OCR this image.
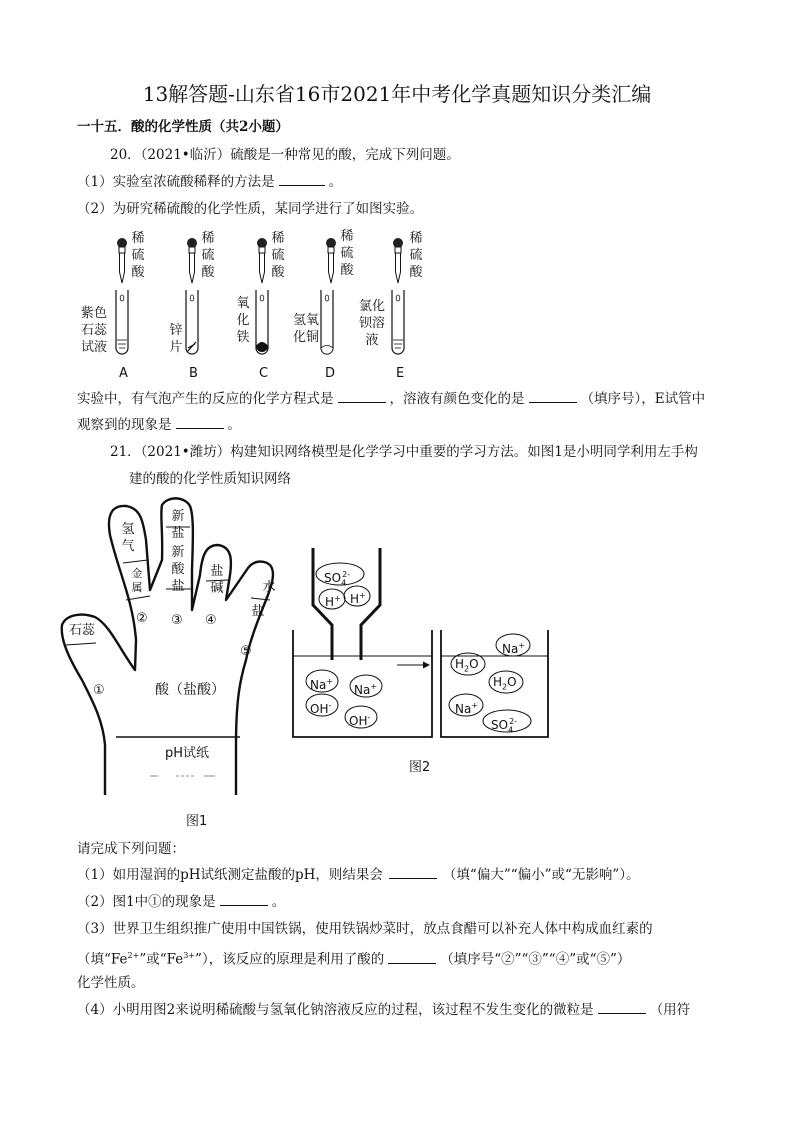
13解答题-山东省16市2021年中考化学真题知识分类汇编
一十五．酸的化学性质（共2小题）
20．（2021•临沂）硫酸是一种常见的酸，完成下列问题。
（1）实验室浓硫酸稀释的方法是	。
（2）为研究稀硫酸的化学性质，某同学进行了如图实验。
稀硫酸
稀硫酸
稀硫酸
稀硫酸
稀硫酸
紫色
石蕊
试液
锌
片
氧
化
铁
氢氧
化铜
氯化
钡溶
液
A	B	C	D	E
实验中，有气泡产生的反应的化学方程式是	，溶液有颜色变化的是	（填序号），E试管中
观察到的现象是	。
21．（2021•潍坊）构建知识网络模型是化学学习中重要的学习方法。如图1是小明同学利用左手构
建的酸的化学性质知识网络
氢气
金属
新盐
新酸盐
盐碱	水
盐
石蕊
①
② ③ ④
⑤
酸（盐酸）
pH试纸
图1
$SO_4^{2-}$
H+ H+
Na+
Na+
OH-
OH-
Na+
$H_2O$
$H_2O$
Na+
$SO_4^{2-}$
图2
请完成下列问题：
（1）如用湿润的pH试纸测定盐酸的pH，则结果会	（填“偏大”“偏小”或“无影响”）。
（2）图1中①的现象是	。
（3）世界卫生组织推广使用中国铁锅，使用铁锅炒菜时，放点食醋可以补充人体中构成血红素的
（填“$Fe^{2+}$”或“$Fe^{3+}$”），该反应的原理是利用了酸的	（填序号“②”“③”“④”或“⑤”）
化学性质。
（4）小明用图2来说明稀硫酸与氢氧化钠溶液反应的过程，该过程不发生变化的微粒是	（用符
